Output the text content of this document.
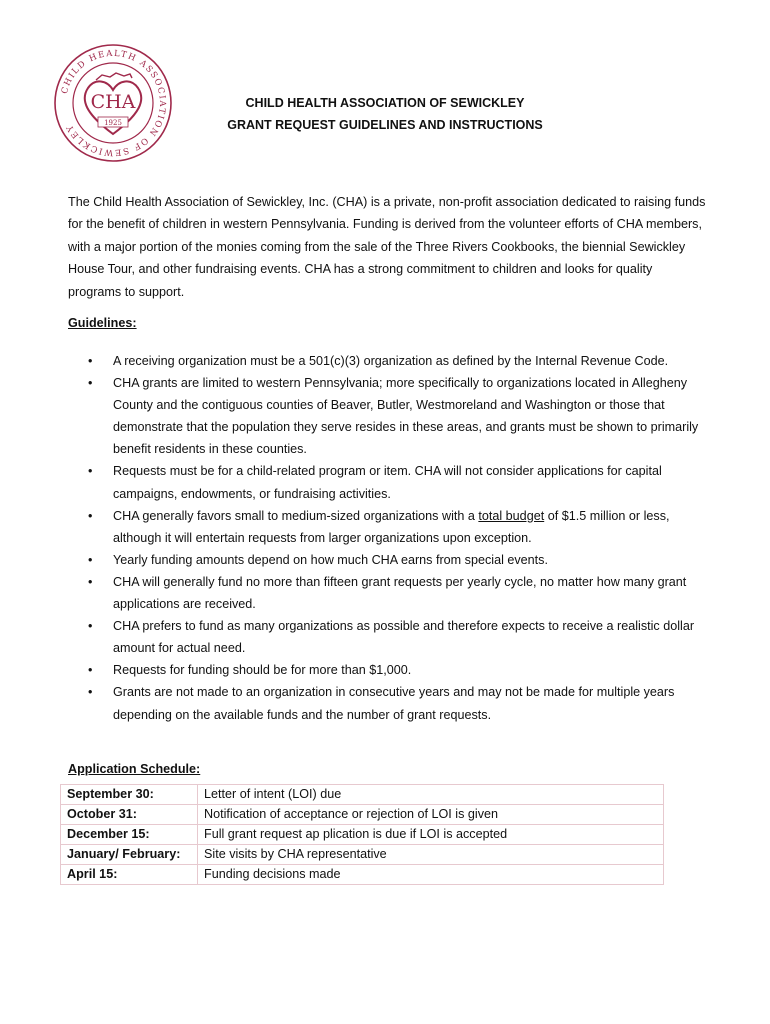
CHILD HEALTH ASSOCIATION OF SEWICKLEY
CHA
1925
CHILD HEALTH ASSOCIATION OF SEWICKLEY
GRANT REQUEST GUIDELINES AND INSTRUCTIONS

The Child Health Association of Sewickley, Inc. (CHA) is a private, non-profit association dedicated to raising funds for the benefit of children in western Pennsylvania. Funding is derived from the volunteer efforts of CHA members, with a major portion of the monies coming from the sale of the Three Rivers Cookbooks, the biennial Sewickley House Tour, and other fundraising events. CHA has a strong commitment to children and looks for quality programs to support.

Guidelines:

• A receiving organization must be a 501(c)(3) organization as defined by the Internal Revenue Code.
• CHA grants are limited to western Pennsylvania; more specifically to organizations located in Allegheny County and the contiguous counties of Beaver, Butler, Westmoreland and Washington or those that demonstrate that the population they serve resides in these areas, and grants must be shown to primarily benefit residents in these counties.
• Requests must be for a child-related program or item. CHA will not consider applications for capital campaigns, endowments, or fundraising activities.
• CHA generally favors small to medium-sized organizations with a total budget of $1.5 million or less, although it will entertain requests from larger organizations upon exception.
• Yearly funding amounts depend on how much CHA earns from special events.
• CHA will generally fund no more than fifteen grant requests per yearly cycle, no matter how many grant applications are received.
• CHA prefers to fund as many organizations as possible and therefore expects to receive a realistic dollar amount for actual need.
• Requests for funding should be for more than $1,000.
• Grants are not made to an organization in consecutive years and may not be made for multiple years depending on the available funds and the number of grant requests.

Application Schedule:

September 30:	Letter of intent (LOI) due
October 31:	Notification of acceptance or rejection of LOI is given
December 15:	Full grant request ap plication is due if LOI is accepted
January/ February:	Site visits by CHA representative
April 15:	Funding decisions made
